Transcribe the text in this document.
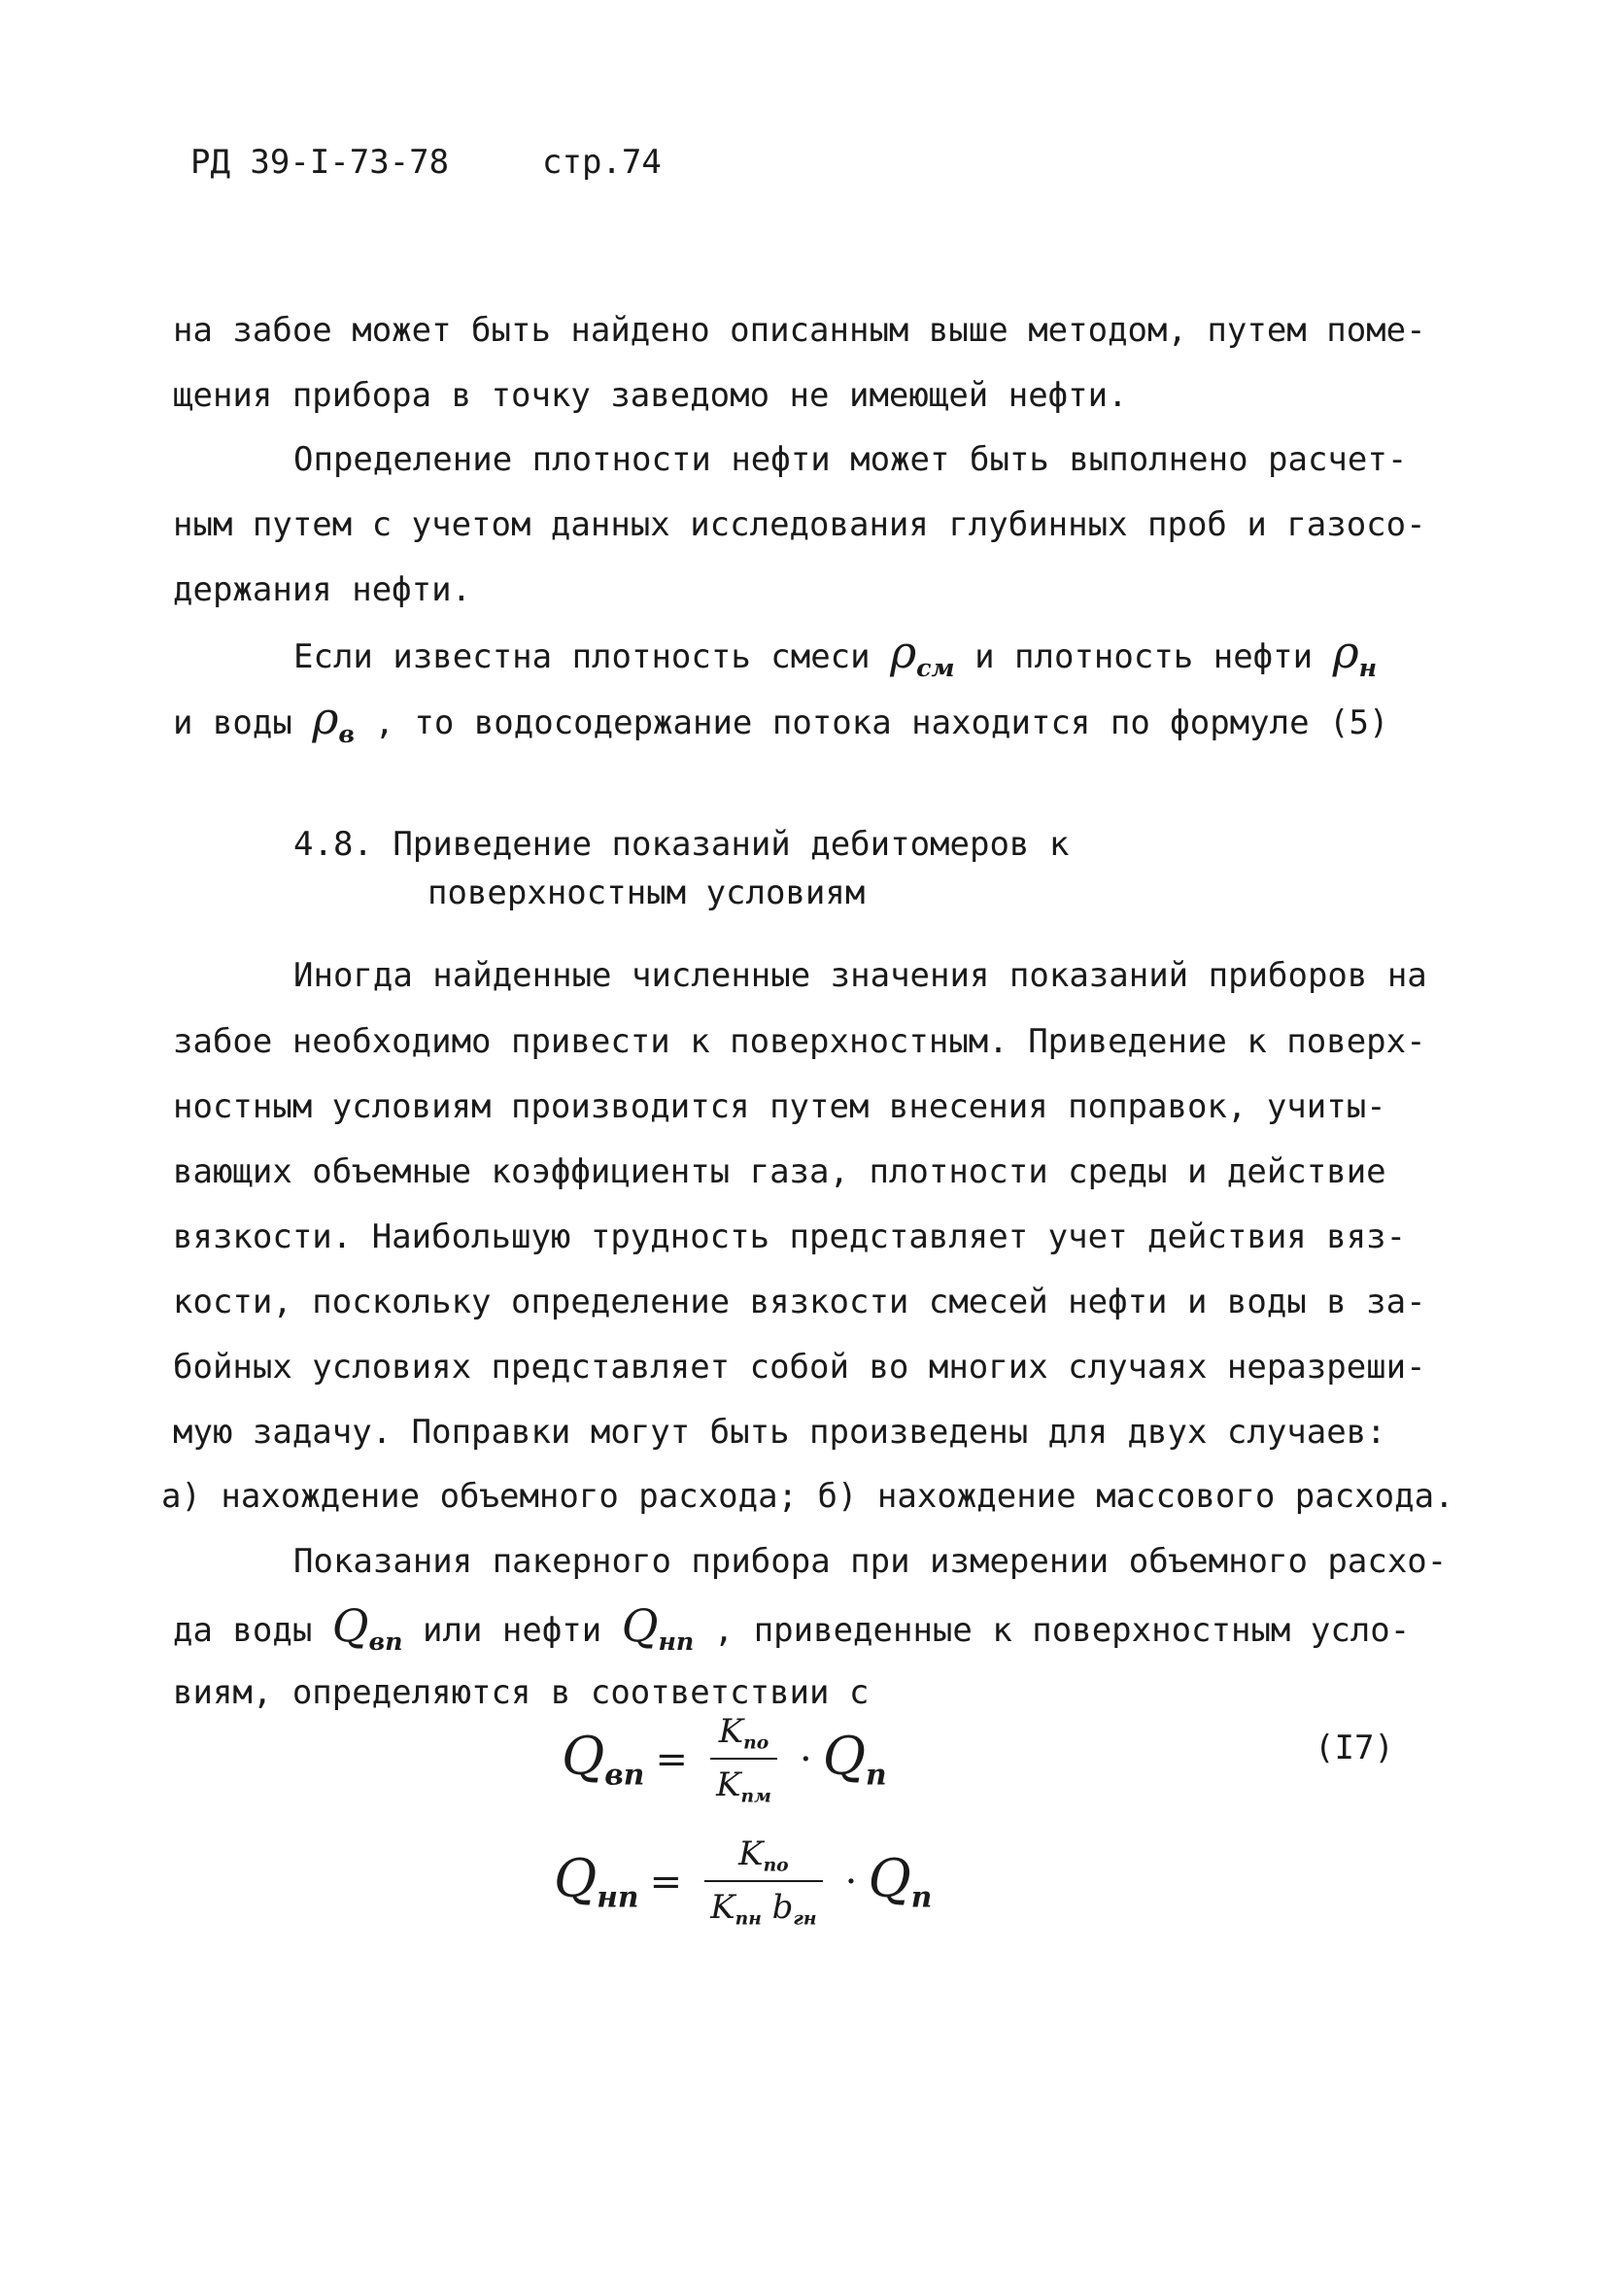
РД 39-I-73-78	стр.74
на забое может быть найдено описанным выше методом, путем поме-
щения прибора в точку заведомо не имеющей нефти.
Определение плотности нефти может быть выполнено расчет-
ным путем с учетом данных исследования глубинных проб и газосо-
держания нефти.
Если известна плотность смеси $\rho_{см}$ и плотность нефти $\rho_н$
и воды $\rho_в$ , то водосодержание потока находится по формуле (5)
4.8. Приведение показаний дебитомеров к
поверхностным условиям
Иногда найденные численные значения показаний приборов на
забое необходимо привести к поверхностным. Приведение к поверх-
ностным условиям производится путем внесения поправок, учиты-
вающих объемные коэффициенты газа, плотности среды и действие
вязкости. Наибольшую трудность представляет учет действия вяз-
кости, поскольку определение вязкости смесей нефти и воды в за-
бойных условиях представляет собой во многих случаях неразреши-
мую задачу. Поправки могут быть произведены для двух случаев:
а) нахождение объемного расхода; б) нахождение массового расхода.
Показания пакерного прибора при измерении объемного расхо-
да воды $Q_{вп}$ или нефти $Q_{нп}$ , приведенные к поверхностным усло-
виям, определяются в соответствии с
$Q_{вп} = \frac{K_{по}}{K_{пм}} \cdot Q_п$
(I7)
$Q_{нп} = \frac{K_{по}}{K_{пн} b_{гн}} \cdot Q_п$
